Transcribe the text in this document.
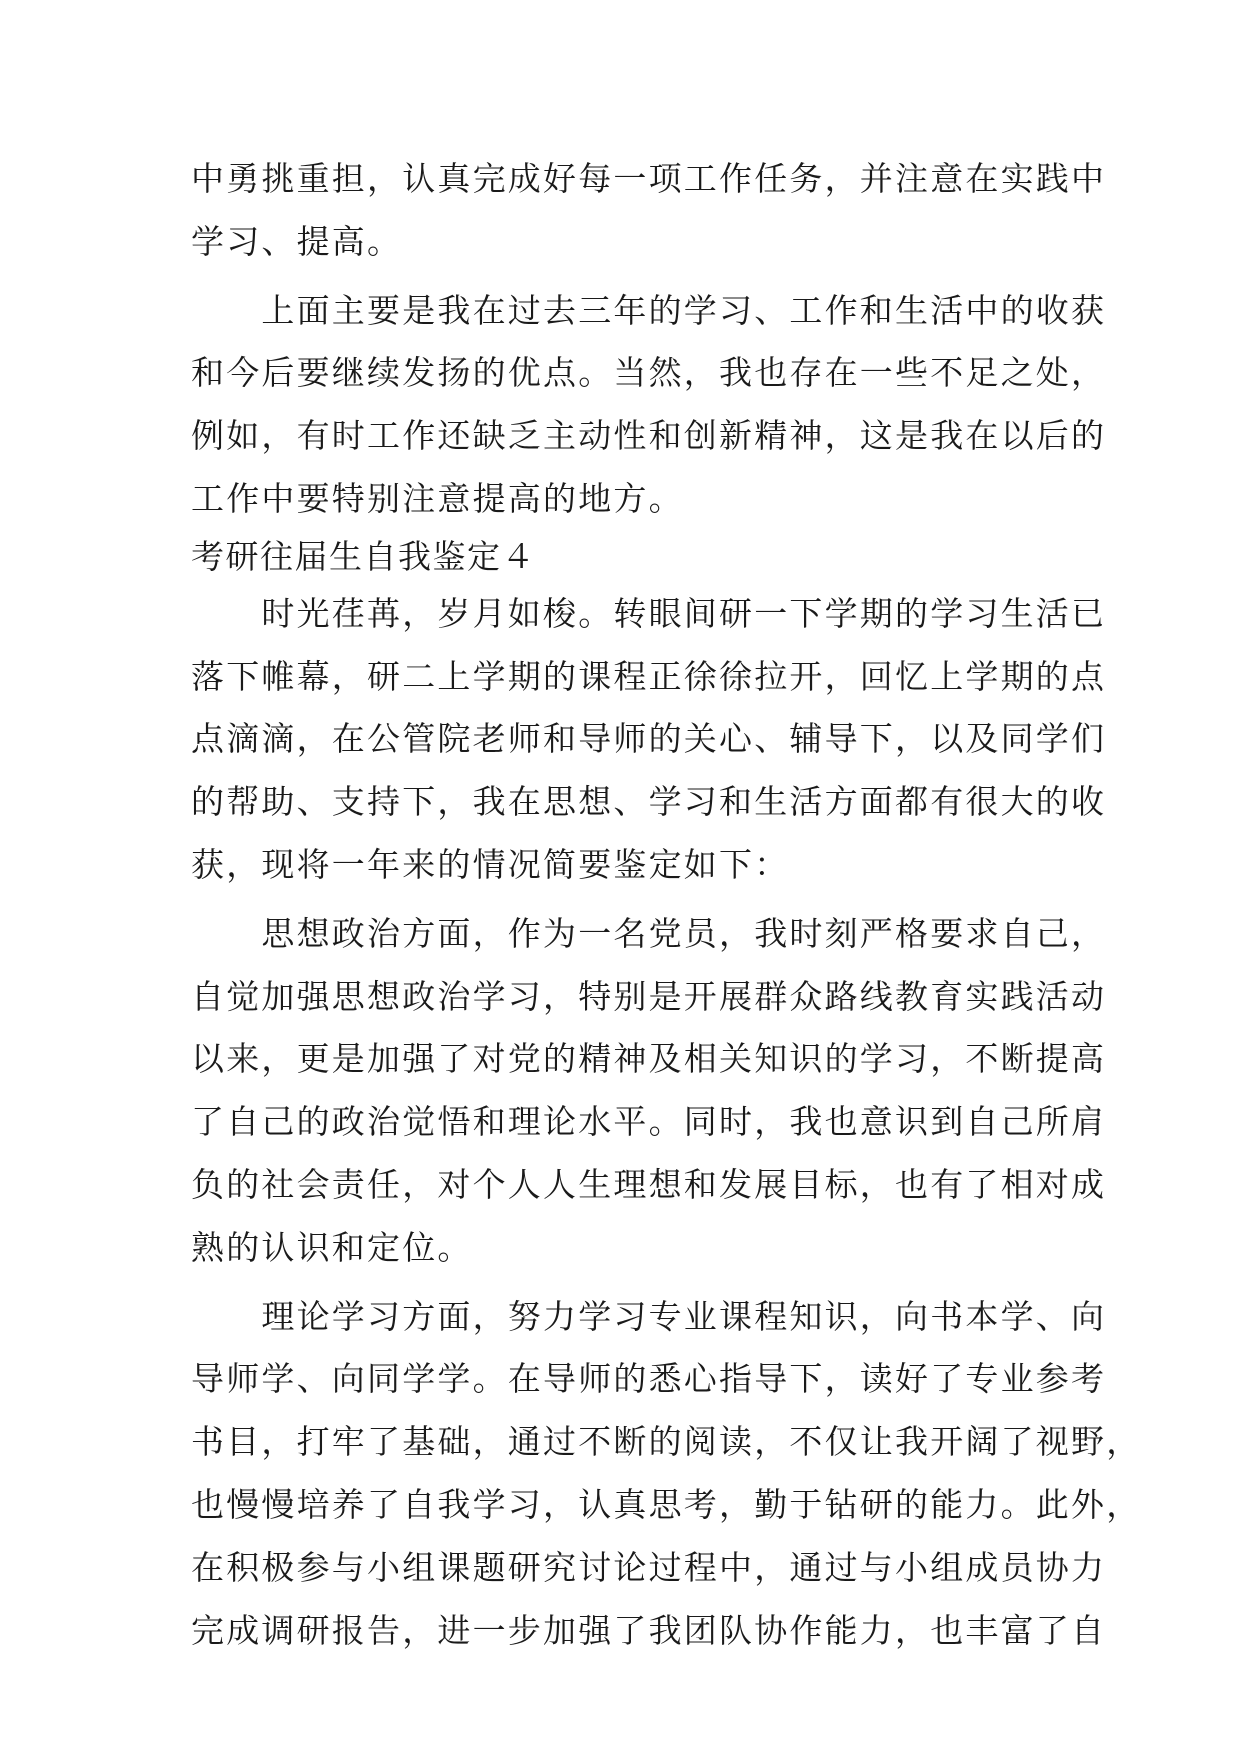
中勇挑重担，认真完成好每一项工作任务，并注意在实践中
学习、提高。
　　上面主要是我在过去三年的学习、工作和生活中的收获
和今后要继续发扬的优点。当然，我也存在一些不足之处，
例如，有时工作还缺乏主动性和创新精神，这是我在以后的
工作中要特别注意提高的地方。
考研往届生自我鉴定４
　　时光荏苒，岁月如梭。转眼间研一下学期的学习生活已
落下帷幕，研二上学期的课程正徐徐拉开，回忆上学期的点
点滴滴，在公管院老师和导师的关心、辅导下，以及同学们
的帮助、支持下，我在思想、学习和生活方面都有很大的收
获，现将一年来的情况简要鉴定如下：
　　思想政治方面，作为一名党员，我时刻严格要求自己，
自觉加强思想政治学习，特别是开展群众路线教育实践活动
以来，更是加强了对党的精神及相关知识的学习，不断提高
了自己的政治觉悟和理论水平。同时，我也意识到自己所肩
负的社会责任，对个人人生理想和发展目标，也有了相对成
熟的认识和定位。
　　理论学习方面，努力学习专业课程知识，向书本学、向
导师学、向同学学。在导师的悉心指导下，读好了专业参考
书目，打牢了基础，通过不断的阅读，不仅让我开阔了视野，
也慢慢培养了自我学习，认真思考，勤于钻研的能力。此外，
在积极参与小组课题研究讨论过程中，通过与小组成员协力
完成调研报告，进一步加强了我团队协作能力，也丰富了自
